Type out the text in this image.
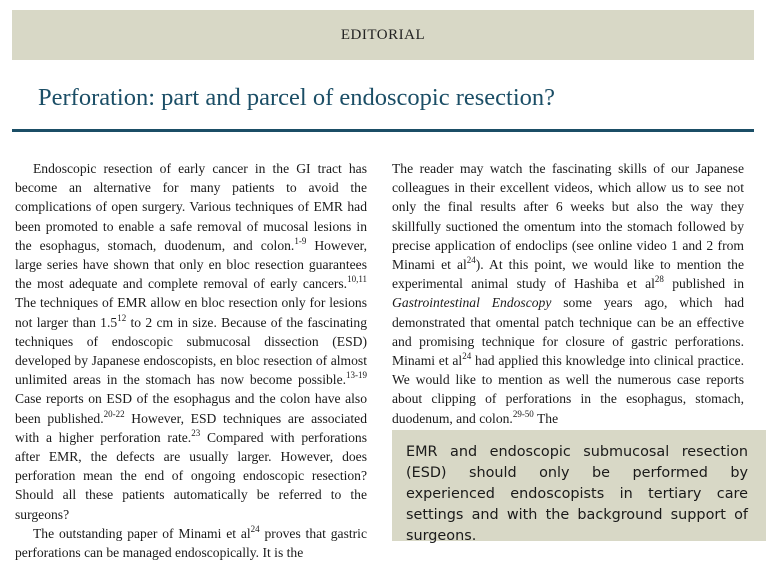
EDITORIAL
Perforation: part and parcel of endoscopic resection?

Endoscopic resection of early cancer in the GI tract has become an alternative for many patients to avoid the complications of open surgery. Various techniques of EMR had been promoted to enable a safe removal of mucosal lesions in the esophagus, stomach, duodenum, and colon.$^{1-9}$ However, large series have shown that only en bloc resection guarantees the most adequate and complete removal of early cancers.$^{10,11}$ The techniques of EMR allow en bloc resection only for lesions not larger than $1.5^{12}$ to 2 cm in size. Because of the fascinating techniques of endoscopic submucosal dissection (ESD) developed by Japanese endoscopists, en bloc resection of almost unlimited areas in the stomach has now become possible.$^{13-19}$ Case reports on ESD of the esophagus and the colon have also been published.$^{20-22}$ However, ESD techniques are associated with a higher perforation rate.$^{23}$ Compared with perforations after EMR, the defects are usually larger. However, does perforation mean the end of ongoing endoscopic resection? Should all these patients automatically be referred to the surgeons?

The outstanding paper of Minami et $al^{24}$ proves that gastric perforations can be managed endoscopically. It is the

The reader may watch the fascinating skills of our Japanese colleagues in their excellent videos, which allow us to see not only the final results after 6 weeks but also the way they skillfully suctioned the omentum into the stomach followed by precise application of endoclips (see online video 1 and 2 from Minami et $al^{24}$). At this point, we would like to mention the experimental animal study of Hashiba et $al^{28}$ published in Gastrointestinal Endoscopy some years ago, which had demonstrated that omental patch technique can be an effective and promising technique for closure of gastric perforations. Minami et $al^{24}$ had applied this knowledge into clinical practice. We would like to mention as well the numerous case reports about clipping of perforations in the esophagus, stomach, duodenum, and colon.$^{29-50}$ The

EMR and endoscopic submucosal resection (ESD) should only be performed by experienced endoscopists in tertiary care settings and with the background support of surgeons.
